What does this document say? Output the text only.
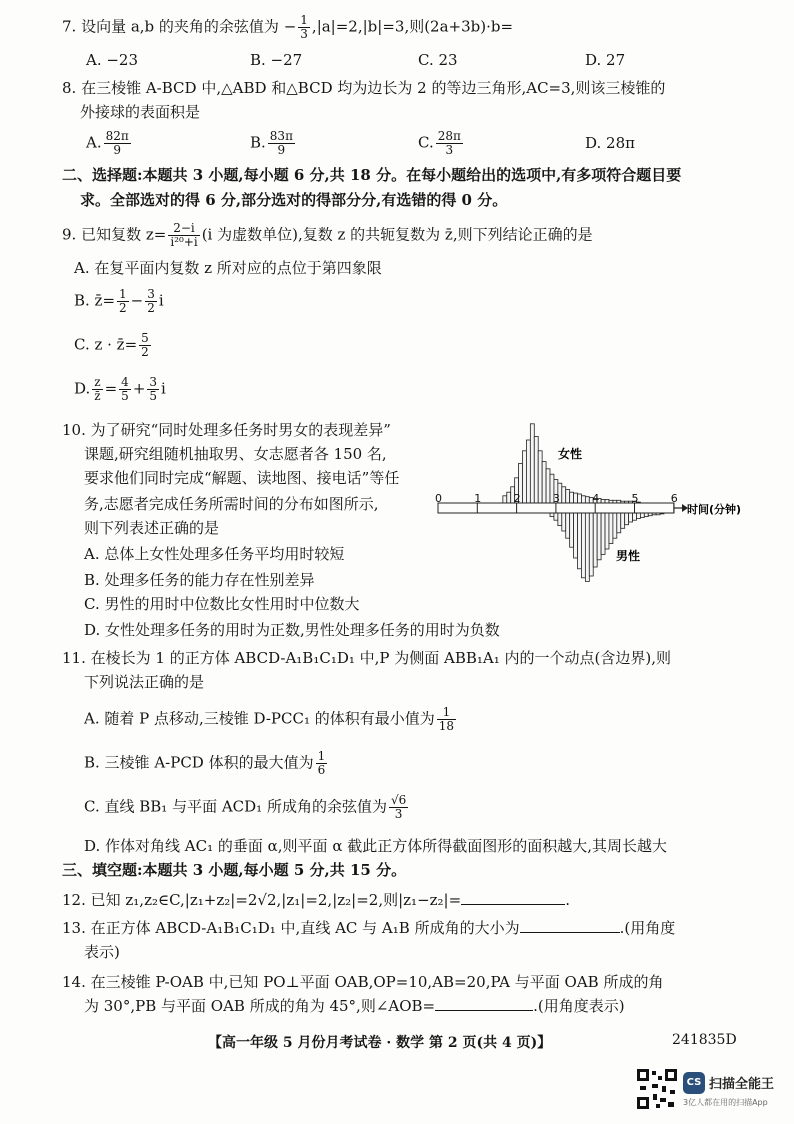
7. 设向量 a,b 的夹角的余弦值为 − $\frac{1}{3} ,|a|=2,|b|=3$,则(2a+3b)·b=
A. −23	B. −27	C. 23	D. 27
8. 在三棱锥 A-BCD 中,△ABD 和△BCD 均为边长为 2 的等边三角形,AC=3,则该三棱锥的
外接球的表面积是
A. $\frac{82\pi}{9}$	B. $\frac{83\pi}{9}$	C. $\frac{28\pi}{3}$	D. 28π
二、选择题:本题共 3 小题,每小题 6 分,共 18 分。在每小题给出的选项中,有多项符合题目要
求。全部选对的得 6 分,部分选对的得部分分,有选错的得 0 分。
9. 已知复数 $z= \frac{2-i}{\text{i²⁰+i}} (i$ 为虚数单位),复数 z 的共轭复数为 z̄,则下列结论正确的是
A. 在复平面内复数 z 所对应的点位于第四象限
B. z̄= $\frac{1}{2} - \frac{3}{2}$ i
C. z · z̄= $\frac{5}{2}$
D. $\frac{z}{z̄} = \frac{4}{5} + \frac{3}{5}$ i
10. 为了研究“同时处理多任务时男女的表现差异”
课题,研究组随机抽取男、女志愿者各 150 名,
要求他们同时完成“解题、读地图、接电话”等任
务,志愿者完成任务所需时间的分布如图所示,
则下列表述正确的是
A. 总体上女性处理多任务平均用时较短
B. 处理多任务的能力存在性别差异
C. 男性的用时中位数比女性用时中位数大
D. 女性处理多任务的用时为正数,男性处理多任务的用时为负数
0	1	2	3	4	5	6
时间(分钟)
女性
男性
11. 在棱长为 1 的正方体 ABCD-A₁B₁C₁D₁ 中,P 为侧面 ABB₁A₁ 内的一个动点(含边界),则
下列说法正确的是
A. 随着 P 点移动,三棱锥 D-PCC₁ 的体积有最小值为 $\frac{1}{18}$
B. 三棱锥 A-PCD 体积的最大值为 $\frac{1}{6}$
C. 直线 BB₁ 与平面 ACD₁ 所成角的余弦值为 $\frac{√6}{3}$
D. 作体对角线 AC₁ 的垂面 α,则平面 α 截此正方体所得截面图形的面积越大,其周长越大
三、填空题:本题共 3 小题,每小题 5 分,共 15 分。
12. 已知 z₁,z₂∈C,|z₁+z₂|=2√2,|z₁|=2,|z₂|=2,则|z₁−z₂|=	.
13. 在正方体 ABCD-A₁B₁C₁D₁ 中,直线 AC 与 A₁B 所成角的大小为	.(用角度
表示)
14. 在三棱锥 P-OAB 中,已知 PO⊥平面 OAB,OP=10,AB=20,PA 与平面 OAB 所成的角
为 30°,PB 与平面 OAB 所成的角为 45°,则∠AOB=	.(用角度表示)
【高一年级 5 月份月考试卷 · 数学 第 2 页(共 4 页)】	241835D
CS 扫描全能王
3亿人都在用的扫描App
